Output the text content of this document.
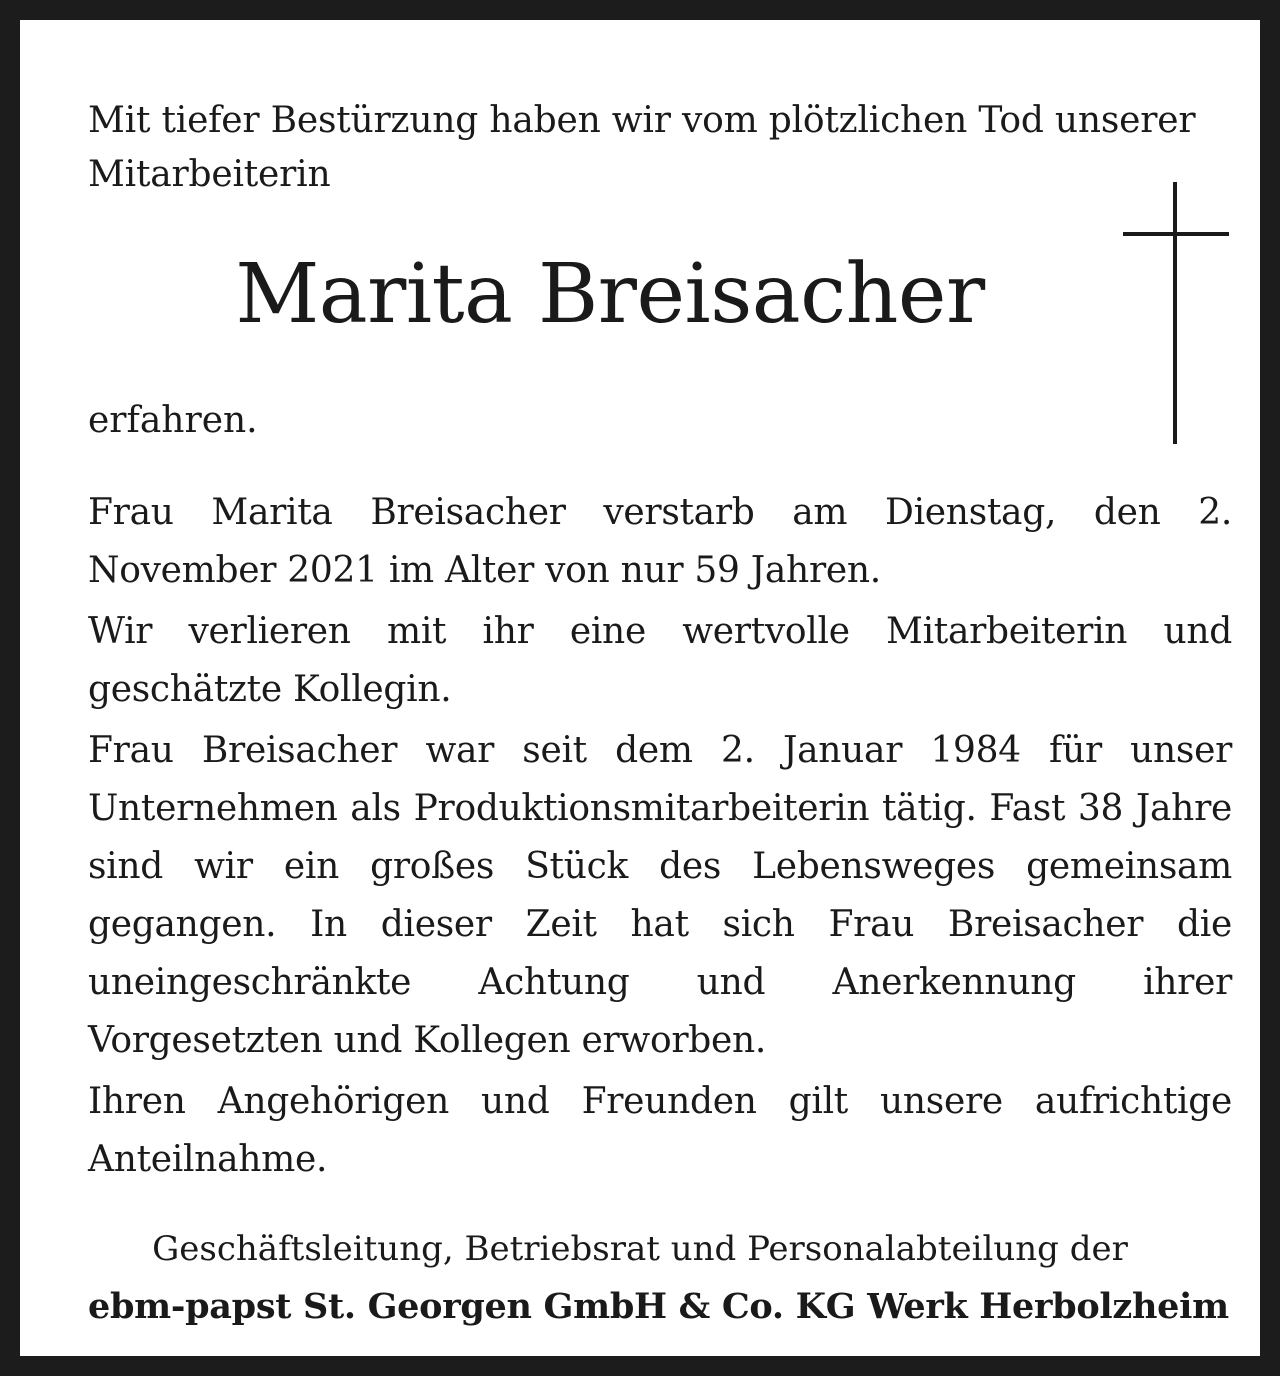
Mit tiefer Bestürzung haben wir vom plötzlichen Tod unserer Mitarbeiterin
Marita Breisacher
erfahren.

Frau Marita Breisacher verstarb am Dienstag, den 2. November 2021 im Alter von nur 59 Jahren.

Wir verlieren mit ihr eine wertvolle Mitarbeiterin und geschätzte Kollegin.

Frau Breisacher war seit dem 2. Januar 1984 für unser Unternehmen als Produktionsmitarbeiterin tätig. Fast 38 Jahre sind wir ein großes Stück des Lebensweges gemeinsam gegangen. In dieser Zeit hat sich Frau Breisacher die uneingeschränkte Achtung und Anerkennung ihrer Vorgesetzten und Kollegen erworben.

Ihren Angehörigen und Freunden gilt unsere aufrichtige Anteilnahme.

Geschäftsleitung, Betriebsrat und Personalabteilung der
ebm-papst St. Georgen GmbH & Co. KG Werk Herbolzheim
